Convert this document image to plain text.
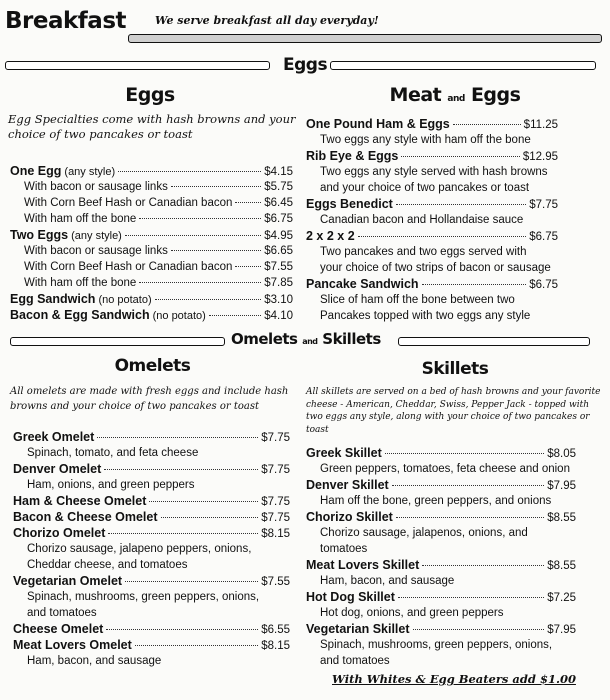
Breakfast	We serve breakfast all day everyday!
Eggs
Eggs
Egg Specialties come with hash browns and your choice of two pancakes or toast
One Egg (any style)	$4.15
With bacon or sausage links	$5.75
With Corn Beef Hash or Canadian bacon	$6.45
With ham off the bone	$6.75
Two Eggs (any style)	$4.95
With bacon or sausage links	$6.65
With Corn Beef Hash or Canadian bacon	$7.55
With ham off the bone	$7.85
Egg Sandwich (no potato)	$3.10
Bacon & Egg Sandwich (no potato)	$4.10
Meat and Eggs
One Pound Ham & Eggs	$11.25
Two eggs any style with ham off the bone
Rib Eye & Eggs	$12.95
Two eggs any style served with hash browns
and your choice of two pancakes or toast
Eggs Benedict	$7.75
Canadian bacon and Hollandaise sauce
2 x 2 x 2	$6.75
Two pancakes and two eggs served with
your choice of two strips of bacon or sausage
Pancake Sandwich	$6.75
Slice of ham off the bone between two
Pancakes topped with two eggs any style
Omelets and Skillets
Omelets
All omelets are made with fresh eggs and include hash browns and your choice of two pancakes or toast
Greek Omelet	$7.75
Spinach, tomato, and feta cheese
Denver Omelet	$7.75
Ham, onions, and green peppers
Ham & Cheese Omelet	$7.75
Bacon & Cheese Omelet	$7.75
Chorizo Omelet	$8.15
Chorizo sausage, jalapeno peppers, onions,
Cheddar cheese, and tomatoes
Vegetarian Omelet	$7.55
Spinach, mushrooms, green peppers, onions,
and tomatoes
Cheese Omelet	$6.55
Meat Lovers Omelet	$8.15
Ham, bacon, and sausage
Skillets
All skillets are served on a bed of hash browns and your favorite cheese - American, Cheddar, Swiss, Pepper Jack - topped with two eggs any style, along with your choice of two pancakes or toast
Greek Skillet	$8.05
Green peppers, tomatoes, feta cheese and onion
Denver Skillet	$7.95
Ham off the bone, green peppers, and onions
Chorizo Skillet	$8.55
Chorizo sausage, jalapenos, onions, and
tomatoes
Meat Lovers Skillet	$8.55
Ham, bacon, and sausage
Hot Dog Skillet	$7.25
Hot dog, onions, and green peppers
Vegetarian Skillet	$7.95
Spinach, mushrooms, green peppers, onions,
and tomatoes
With Whites & Egg Beaters add $1.00
